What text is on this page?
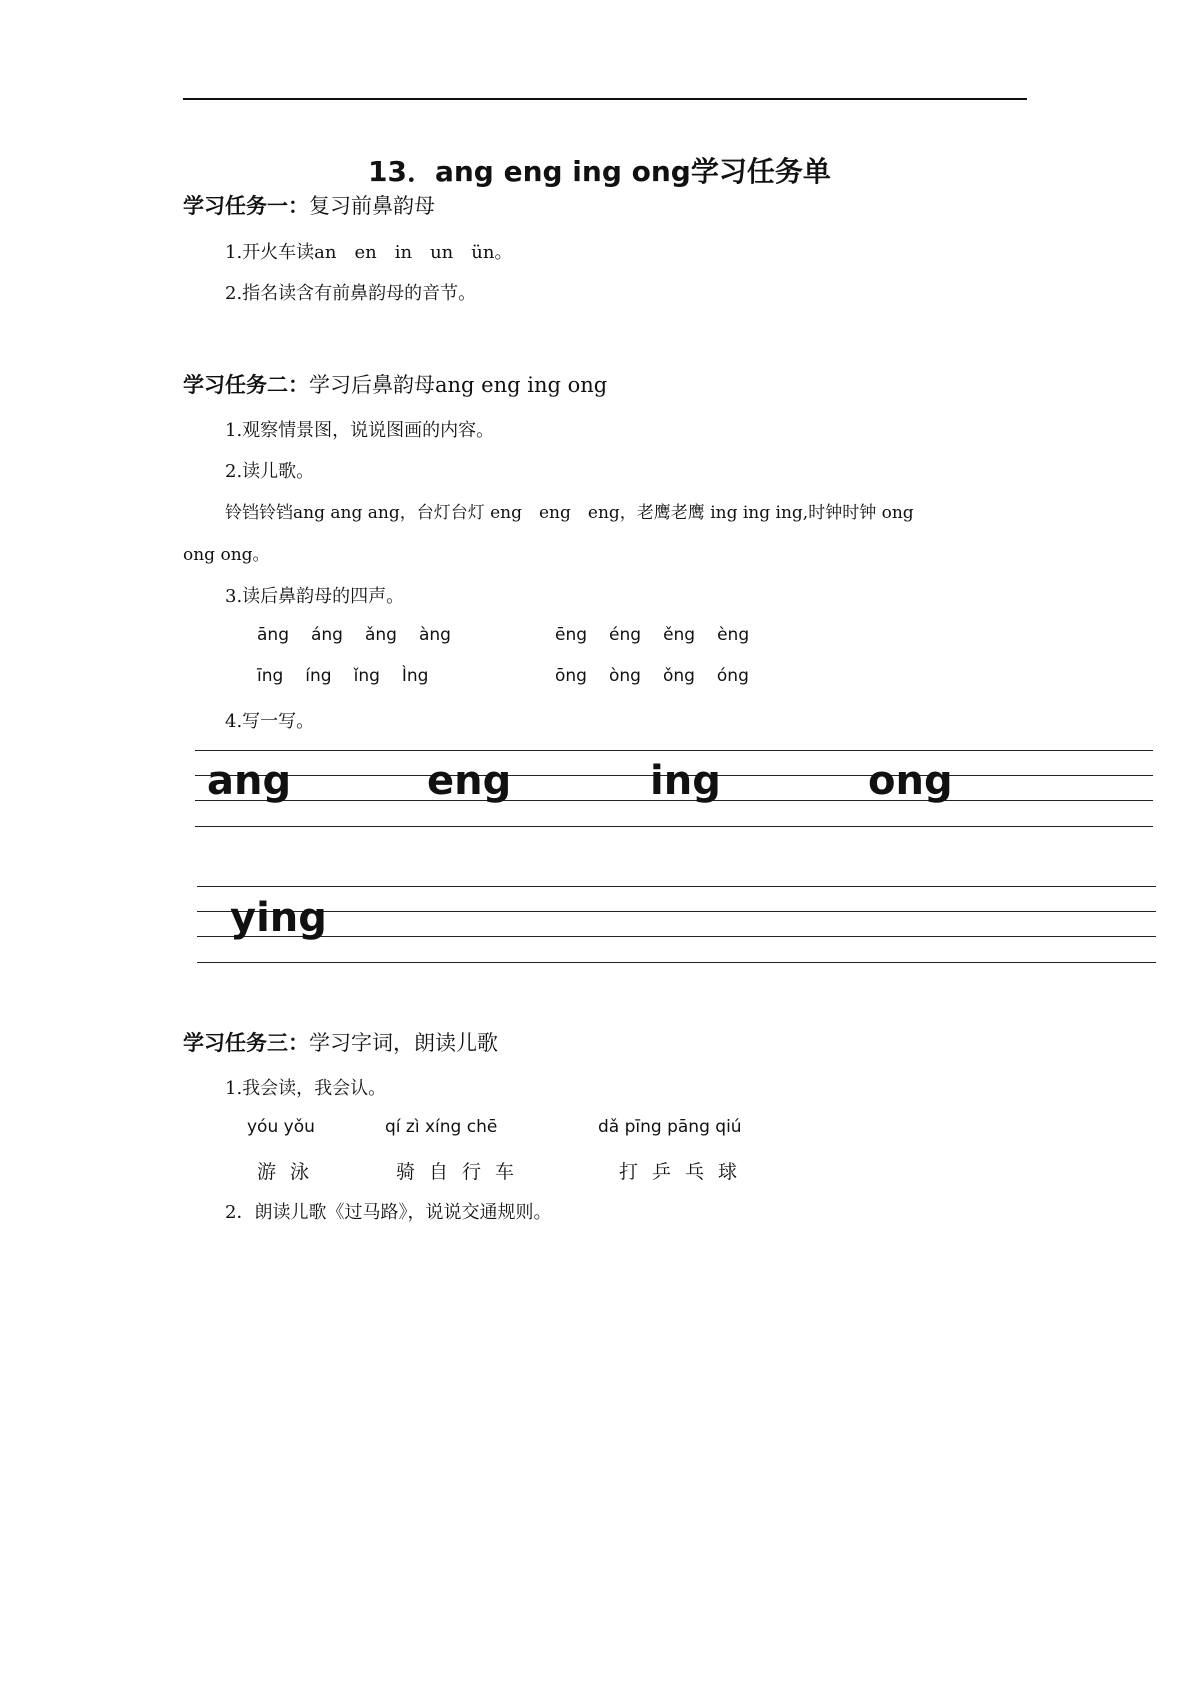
13．ang eng ing ong学习任务单
学习任务一：复习前鼻韵母
1.开火车读an　en　in　un　ün。
2.指名读含有前鼻韵母的音节。
学习任务二：学习后鼻韵母ang eng ing ong
1.观察情景图，说说图画的内容。
2.读儿歌。
铃铛铃铛ang ang ang，台灯台灯 eng　eng　eng，老鹰老鹰 ing ing ing,时钟时钟 ong
ong ong。
3.读后鼻韵母的四声。
āng áng ǎng àng	ēng éng ěng èng
īng íng ǐng Ìng	ōng òng ǒng óng
4.写一写。
ang	eng	ing	ong
ying
学习任务三：学习字词，朗读儿歌
1.我会读，我会认。
yóu yǒu	qí zì xíng chē	dǎ pīng pāng qiú
游 泳	骑 自 行 车	打 乒 乓 球
2．朗读儿歌《过马路》，说说交通规则。
